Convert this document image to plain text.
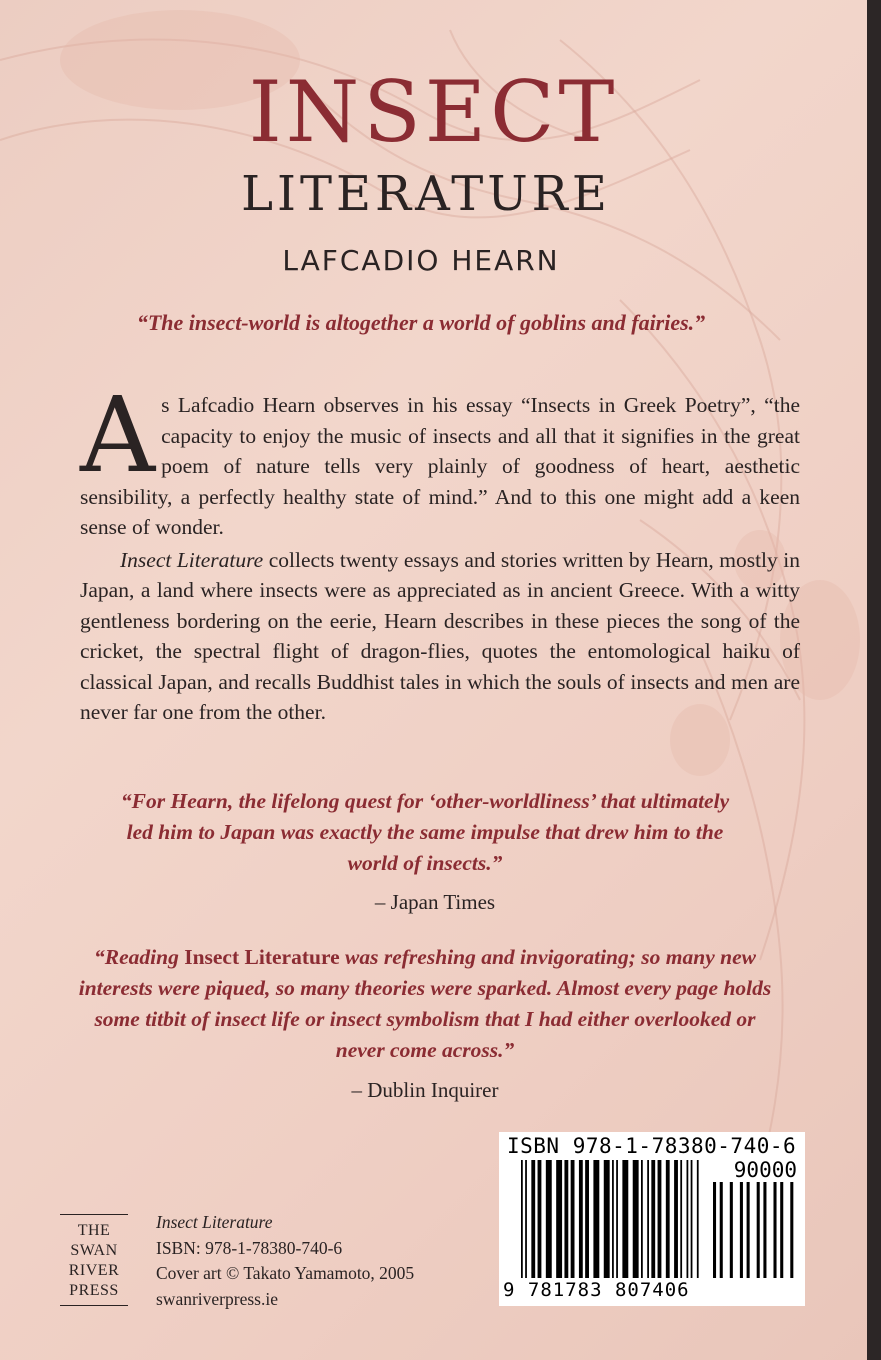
INSECT
LITERATURE
LAFCADIO HEARN
“The insect-world is altogether a world of goblins and fairies.”

As Lafcadio Hearn observes in his essay “Insects in Greek Poetry”, “the capacity to enjoy the music of insects and all that it signifies in the great poem of nature tells very plainly of goodness of heart, aesthetic sensibility, a perfectly healthy state of mind.” And to this one might add a keen sense of wonder.

Insect Literature collects twenty essays and stories written by Hearn, mostly in Japan, a land where insects were as appreciated as in ancient Greece. With a witty gentleness bordering on the eerie, Hearn describes in these pieces the song of the cricket, the spectral flight of dragon-flies, quotes the entomological haiku of classical Japan, and recalls Buddhist tales in which the souls of insects and men are never far one from the other.

“For Hearn, the lifelong quest for ‘other-worldliness’ that ultimately led him to Japan was exactly the same impulse that drew him to the world of insects.”
– Japan Times
“Reading Insect Literature was refreshing and invigorating; so many new interests were piqued, so many theories were sparked. Almost every page holds some titbit of insect life or insect symbolism that I had either overlooked or never come across.”
– Dublin Inquirer
THE
SWAN
RIVER
PRESS
Insect Literature
ISBN: 978-1-78380-740-6
Cover art © Takato Yamamoto, 2005
swanriverpress.ie
ISBN 978-1-78380-740-6
90000
9 781783 807406
